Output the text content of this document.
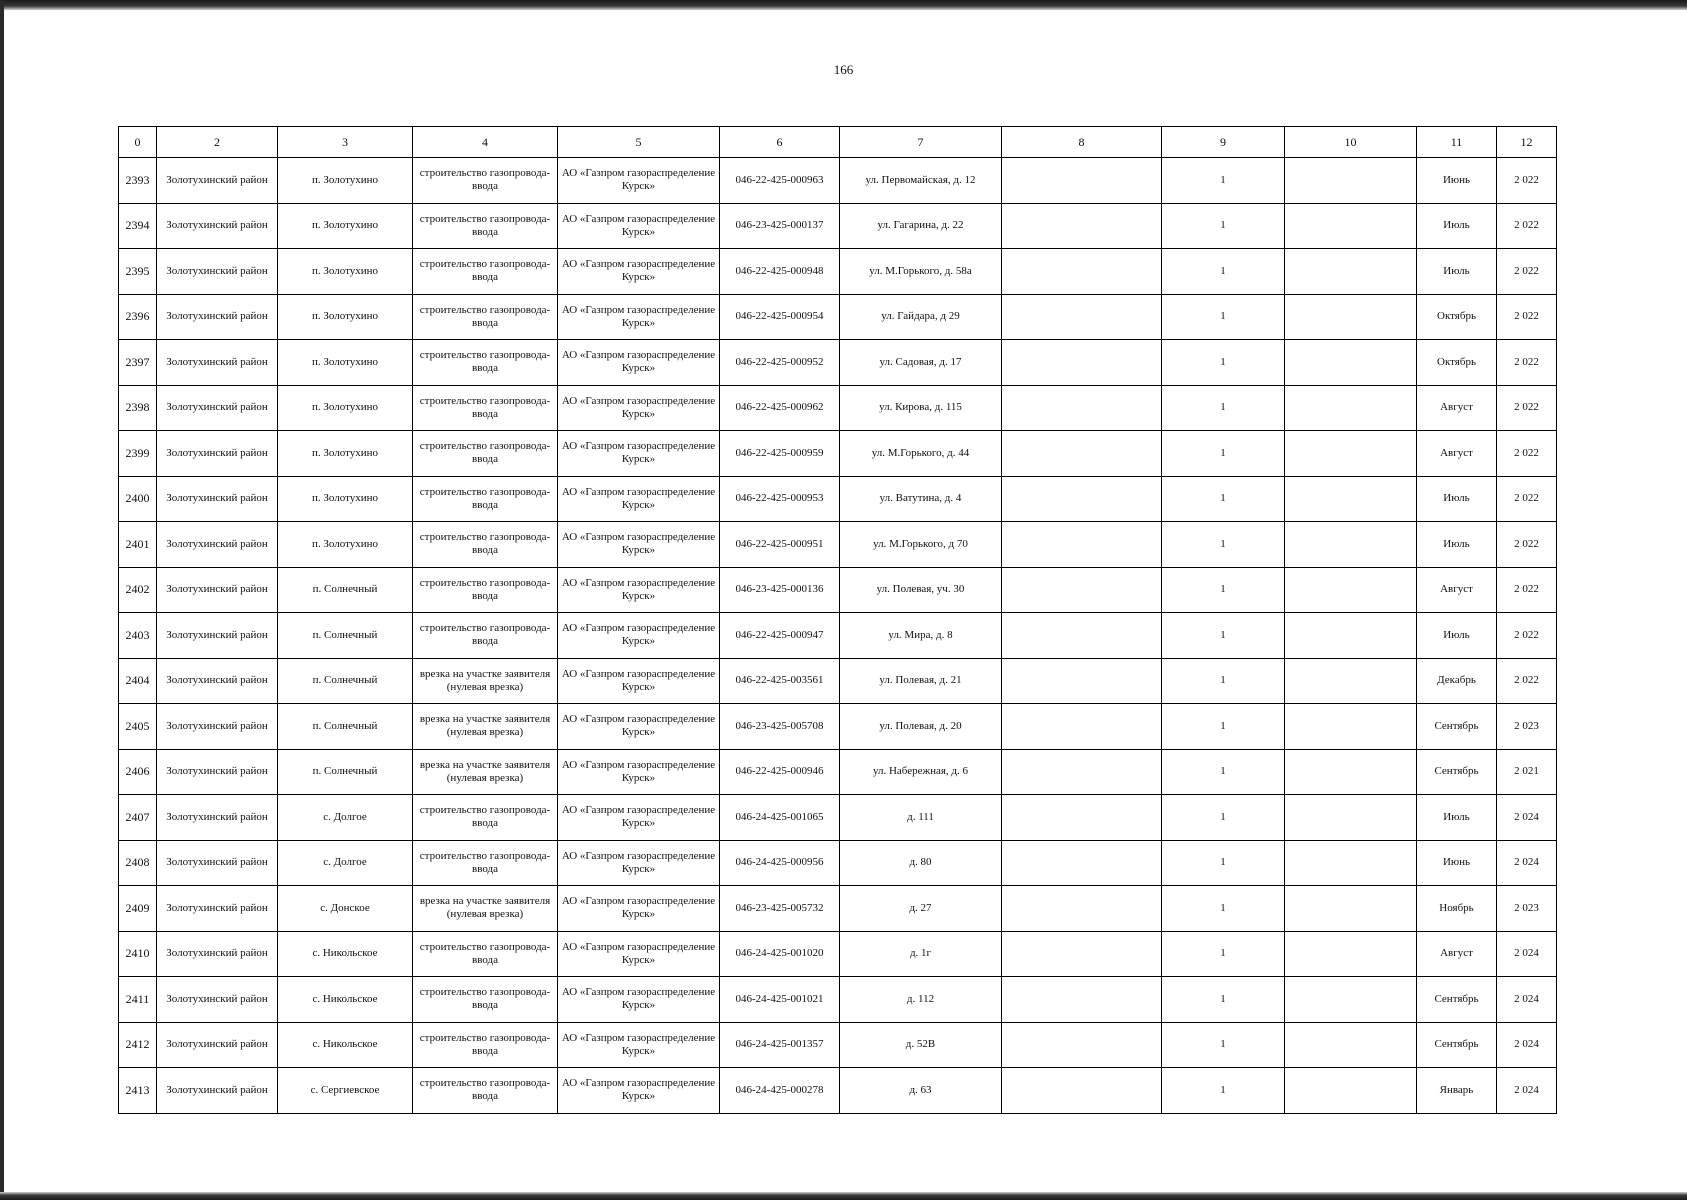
166
0	2	3	4	5	6	7	8	9	10	11	12
2393	Золотухинский район	п. Золотухино	строительство газопровода-ввода	АО «Газпром газораспределение Курск»	046-22-425-000963	ул. Первомайская, д. 12		1		Июнь	2 022
2394	Золотухинский район	п. Золотухино	строительство газопровода-ввода	АО «Газпром газораспределение Курск»	046-23-425-000137	ул. Гагарина, д. 22		1		Июль	2 022
2395	Золотухинский район	п. Золотухино	строительство газопровода-ввода	АО «Газпром газораспределение Курск»	046-22-425-000948	ул. М.Горького, д. 58а		1		Июль	2 022
2396	Золотухинский район	п. Золотухино	строительство газопровода-ввода	АО «Газпром газораспределение Курск»	046-22-425-000954	ул. Гайдара, д 29		1		Октябрь	2 022
2397	Золотухинский район	п. Золотухино	строительство газопровода-ввода	АО «Газпром газораспределение Курск»	046-22-425-000952	ул. Садовая, д. 17		1		Октябрь	2 022
2398	Золотухинский район	п. Золотухино	строительство газопровода-ввода	АО «Газпром газораспределение Курск»	046-22-425-000962	ул. Кирова, д. 115		1		Август	2 022
2399	Золотухинский район	п. Золотухино	строительство газопровода-ввода	АО «Газпром газораспределение Курск»	046-22-425-000959	ул. М.Горького, д. 44		1		Август	2 022
2400	Золотухинский район	п. Золотухино	строительство газопровода-ввода	АО «Газпром газораспределение Курск»	046-22-425-000953	ул. Ватутина, д. 4		1		Июль	2 022
2401	Золотухинский район	п. Золотухино	строительство газопровода-ввода	АО «Газпром газораспределение Курск»	046-22-425-000951	ул. М.Горького, д 70		1		Июль	2 022
2402	Золотухинский район	п. Солнечный	строительство газопровода-ввода	АО «Газпром газораспределение Курск»	046-23-425-000136	ул. Полевая, уч. 30		1		Август	2 022
2403	Золотухинский район	п. Солнечный	строительство газопровода-ввода	АО «Газпром газораспределение Курск»	046-22-425-000947	ул. Мира, д. 8		1		Июль	2 022
2404	Золотухинский район	п. Солнечный	врезка на участке заявителя (нулевая врезка)	АО «Газпром газораспределение Курск»	046-22-425-003561	ул. Полевая, д. 21		1		Декабрь	2 022
2405	Золотухинский район	п. Солнечный	врезка на участке заявителя (нулевая врезка)	АО «Газпром газораспределение Курск»	046-23-425-005708	ул. Полевая, д. 20		1		Сентябрь	2 023
2406	Золотухинский район	п. Солнечный	врезка на участке заявителя (нулевая врезка)	АО «Газпром газораспределение Курск»	046-22-425-000946	ул. Набережная, д. 6		1		Сентябрь	2 021
2407	Золотухинский район	с. Долгое	строительство газопровода-ввода	АО «Газпром газораспределение Курск»	046-24-425-001065	д. 111		1		Июль	2 024
2408	Золотухинский район	с. Долгое	строительство газопровода-ввода	АО «Газпром газораспределение Курск»	046-24-425-000956	д. 80		1		Июнь	2 024
2409	Золотухинский район	с. Донское	врезка на участке заявителя (нулевая врезка)	АО «Газпром газораспределение Курск»	046-23-425-005732	д. 27		1		Ноябрь	2 023
2410	Золотухинский район	с. Никольское	строительство газопровода-ввода	АО «Газпром газораспределение Курск»	046-24-425-001020	д. 1г		1		Август	2 024
2411	Золотухинский район	с. Никольское	строительство газопровода-ввода	АО «Газпром газораспределение Курск»	046-24-425-001021	д. 112		1		Сентябрь	2 024
2412	Золотухинский район	с. Никольское	строительство газопровода-ввода	АО «Газпром газораспределение Курск»	046-24-425-001357	д. 52В		1		Сентябрь	2 024
2413	Золотухинский район	с. Сергиевское	строительство газопровода-ввода	АО «Газпром газораспределение Курск»	046-24-425-000278	д. 63		1		Январь	2 024
